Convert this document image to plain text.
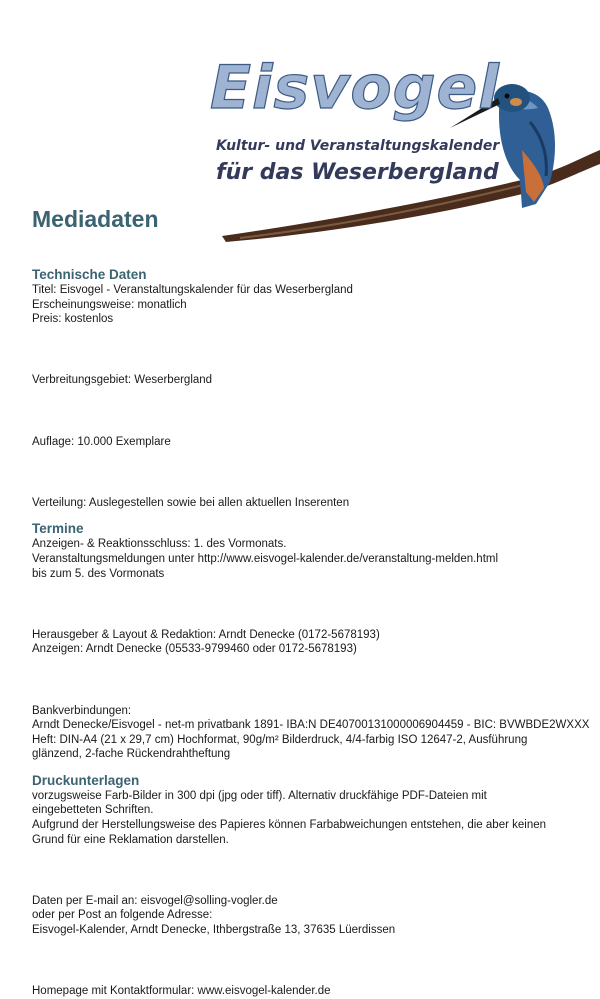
Eisvogel
Kultur- und Veranstaltungskalender
für das Weserbergland
Mediadaten
Technische Daten

Titel: Eisvogel - Veranstaltungskalender für das Weserbergland

Erscheinungsweise: monatlich

Preis: kostenlos

Verbreitungsgebiet: Weserbergland

Auflage: 10.000 Exemplare

Verteilung: Auslegestellen sowie bei allen aktuellen Inserenten

Termine

Anzeigen- & Reaktionsschluss: 1. des Vormonats.

Veranstaltungsmeldungen unter http://www.eisvogel-kalender.de/veranstaltung-melden.html

bis zum 5. des Vormonats

Herausgeber & Layout & Redaktion: Arndt Denecke (0172-5678193)

Anzeigen: Arndt Denecke (05533-9799460 oder 0172-5678193)

Bankverbindungen:

Arndt Denecke/Eisvogel - net-m privatbank 1891- IBA:N DE40700131000006904459 - BIC: BVWBDE2WXXX

Heft: DIN-A4 (21 x 29,7 cm) Hochformat, 90g/m² Bilderdruck, 4/4-farbig ISO 12647-2, Ausführung

glänzend, 2-fache Rückendrahtheftung

Druckunterlagen

vorzugsweise Farb-Bilder in 300 dpi (jpg oder tiff). Alternativ druckfähige PDF-Dateien mit

eingebetteten Schriften.

Aufgrund der Herstellungsweise des Papieres können Farbabweichungen entstehen, die aber keinen

Grund für eine Reklamation darstellen.

Daten per E-mail an: eisvogel@solling-vogler.de

oder per Post an folgende Adresse:

Eisvogel-Kalender, Arndt Denecke, Ithbergstraße 13, 37635 Lüerdissen

Homepage mit Kontaktformular: www.eisvogel-kalender.de
